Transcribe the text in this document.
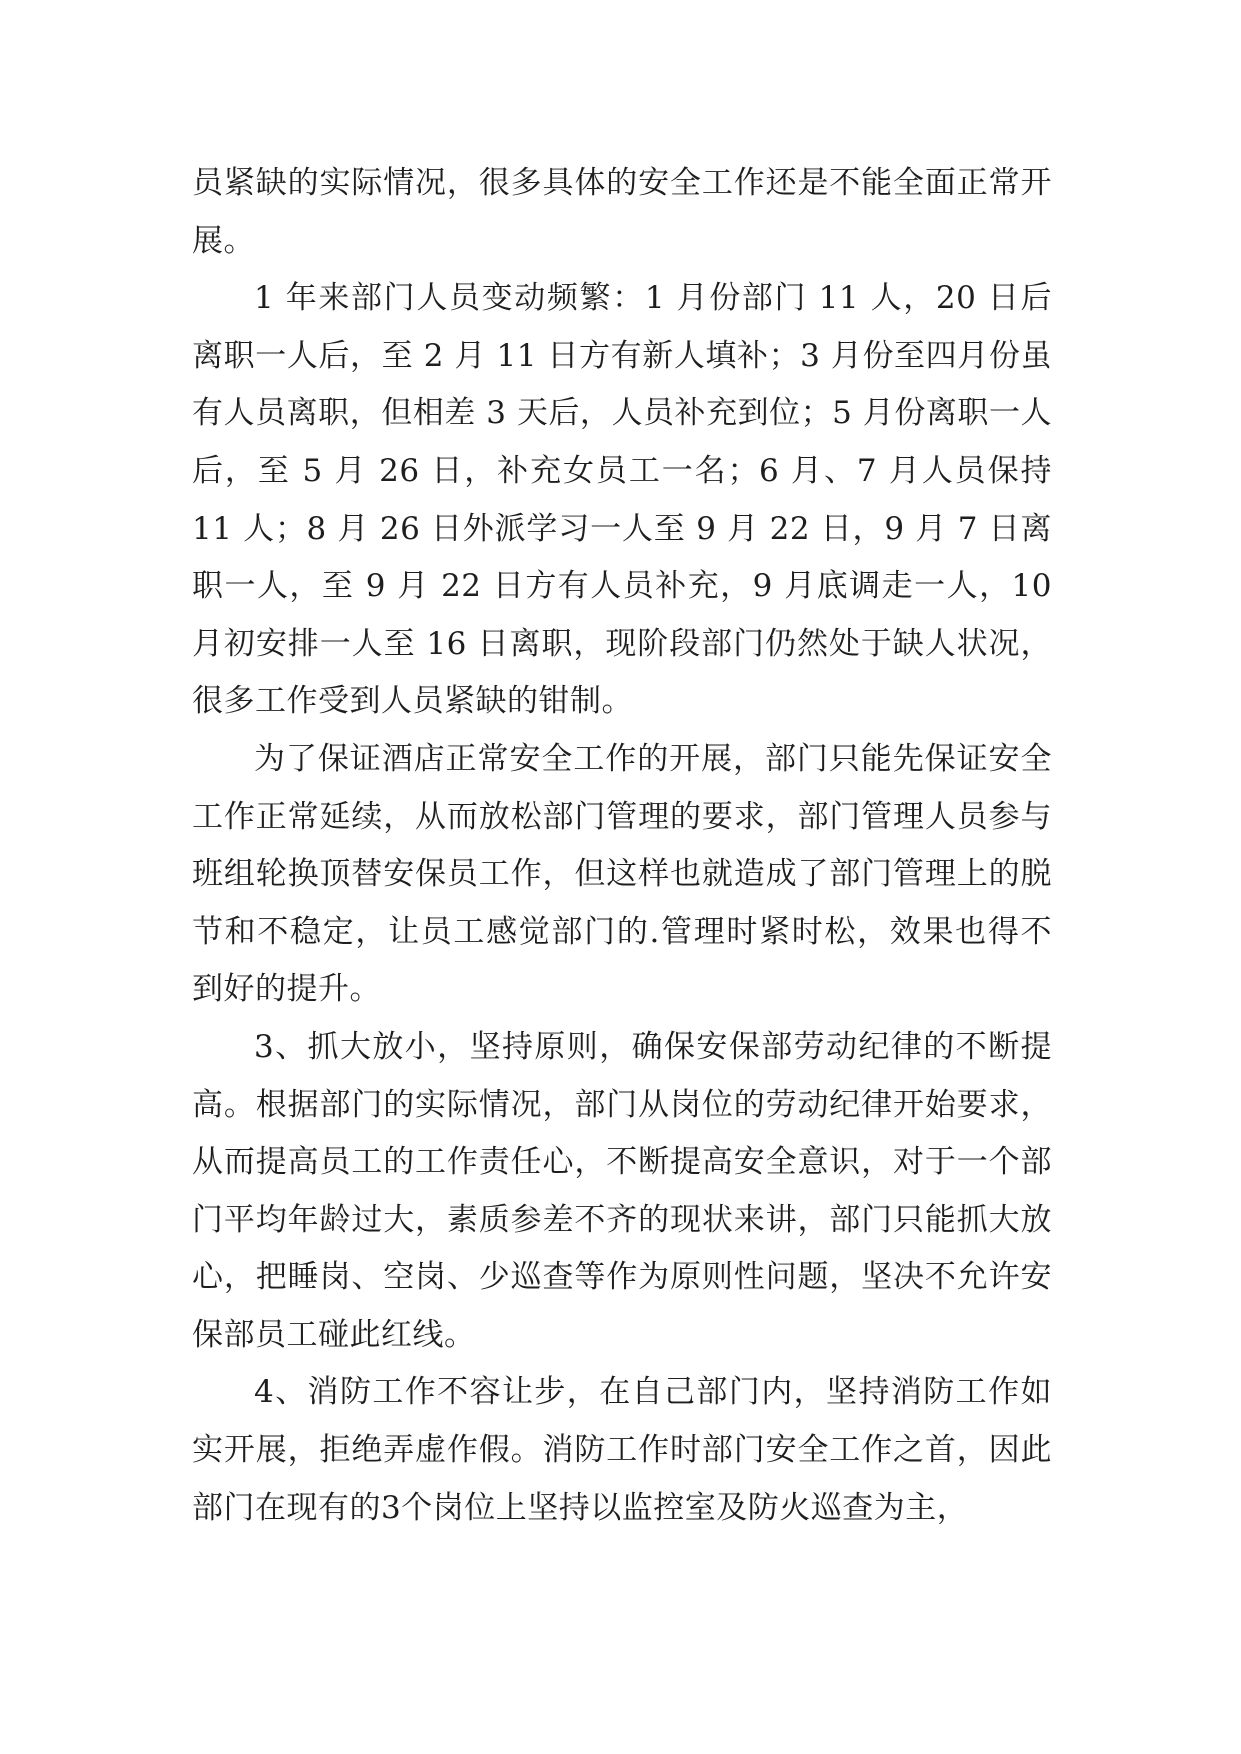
员紧缺的实际情况，很多具体的安全工作还是不能全面正常开展。

1 年来部门人员变动频繁：1 月份部门 11 人，20 日后离职一人后，至 2 月 11 日方有新人填补；3 月份至四月份虽有人员离职，但相差 3 天后，人员补充到位；5 月份离职一人后，至 5 月 26 日，补充女员工一名；6 月、7 月人员保持 11 人；8 月 26 日外派学习一人至 9 月 22 日，9 月 7 日离职一人，至 9 月 22 日方有人员补充，9 月底调走一人，10 月初安排一人至 16 日离职，现阶段部门仍然处于缺人状况，很多工作受到人员紧缺的钳制。

为了保证酒店正常安全工作的开展，部门只能先保证安全工作正常延续，从而放松部门管理的要求，部门管理人员参与班组轮换顶替安保员工作，但这样也就造成了部门管理上的脱节和不稳定，让员工感觉部门的.管理时紧时松，效果也得不到好的提升。

3、抓大放小，坚持原则，确保安保部劳动纪律的不断提高。根据部门的实际情况，部门从岗位的劳动纪律开始要求，从而提高员工的工作责任心，不断提高安全意识，对于一个部门平均年龄过大，素质参差不齐的现状来讲，部门只能抓大放心，把睡岗、空岗、少巡查等作为原则性问题，坚决不允许安保部员工碰此红线。

4、消防工作不容让步，在自己部门内，坚持消防工作如实开展，拒绝弄虚作假。消防工作时部门安全工作之首，因此部门在现有的3个岗位上坚持以监控室及防火巡查为主，
